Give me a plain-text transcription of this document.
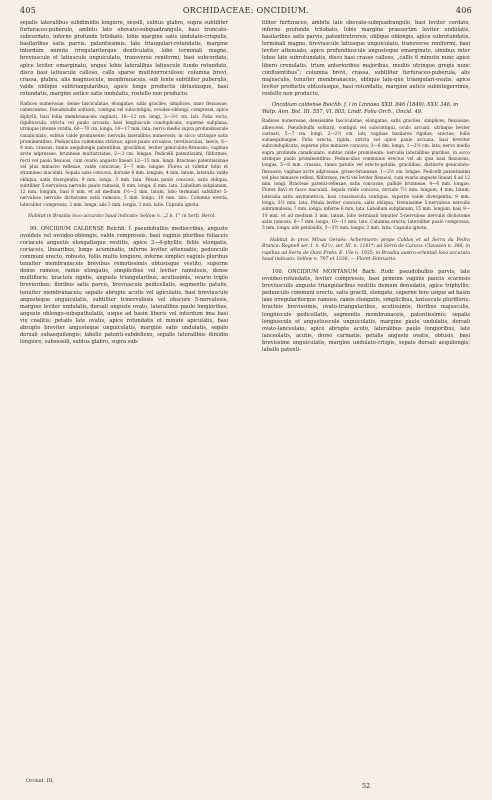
405	ORCHIDACEAE: ONCIDIUM.	406

sepalis lateralibus subdimidio longiore, sessili, subtus glabro, supra subtiliter furfuraceo-puberulo, ambitu late obovato-subquadrangulo, basi truncato-subcordato, inferne profunde trilobato, lobis margine satis undulato-crispulis, basilaribus satis parvis, patentissimis, late triangulari-rotundatis, margine interdum minute irregulariterque denticulatis, lobo terminali magno, breviuscule et latiuscule unguiculato, transverse reniformi, basi subcordato, apice leviter emarginato, ungue lobis lateralibus latiuscule fundo rotundato, disco basi latiuscule calloso, callo sparse multiverruculoso; columna brevi, crassa, glabra, alis magnuscule, membranaceis, sub lente subtiliter puberulis, valde oblique subtriangularibus, apice longe productis obtusiusque, basi rotundatis, margine antice satis undulatis, rostello non producto.

Radices numerosae, dense fasciculatae, elongatae, satis graciles, simplices, nunc flexuosae, canescentes. Pseudobulbi solitarii, contigui vel subcontigui, ovoideo-oblongi, compressi, apice diphylli, basi foliis membranaceis vaginati, 10—12 cm. longi, 3—3½ cm. lati. Folia recta, rigidiuscula, stricta vel paulo arcuata, basi longiuscule conduplicata, superne subplana, utrinque intense viridia, 60—70 cm. longa, 14—17 mm. lata; nervo medio supra profundiuscule canaliculato, subtus valde prominente; nervulis lateralibus numerosis, in sicco utrinque satis prominentibus. Pedunculus communis strictus, apice paulo arcuatus, teretiusculus, laevis, 8—9 mm. crassus, ramis aequilongis patentibus, gracilibus, leviter geniculato-flexuosis; vaginae arcte adpressae, brunneae multistriatae, 2—3 cm. longae. Pedicelli patentissimi, filiformes, recti vel paulo flexuosi, cum ovario angusto lineari 12—15 mm. longi. Bracteae patentissimae vel plus minusve reflexae, valde concavae, 5—7 mm. longae. Flores ut videtur lutei et stramineo maculati. Sepala satis concava, dorsale 8 mm. longum, 4 mm. latum, lateralia valde obliqua, satis divergentia, 9 mm. longa, 3 mm. lata. Petala paulo concava, satis obliqua, subtiliter 5-nervulosa nervulis paulo ramosis, 8 mm. longa, 6 mm. lata. Labellum subplanum, 12 mm. longum, basi 8 mm. et ad medium 1½—2 mm. latum, lobo terminali subtiliter 5-nervuloso nervulis dichotome satis ramosis, 5 mm. longo, 10 mm. lato. Columna erecta, lateraliter compressa, 2 mm. longa, alis 3 mm. longis, 2 mm. latis. Capsula ignota.

Habitat in Brasilia loco accurato haud indicato: Sellow n. „2 b. 1“ in herb. Berol.

99. ONCIDIUM CALDENSE Reichb. f. pseudobulbis mediocribus, anguste ovoideis vel ovoideo-oblongis, valde compressis, basi vaginis pluribus foliaceis coriaceis angustis elongatisque vestitis, apice 3—4-phyllis; foliis elongatis, coriaceis, linearibus, longe acuminatis, inferne leviter attenuatis; pedunculo communi erecto, robusto, foliis multo longiore, inferne simplici vaginis pluribus tenuiter membranaceis brevibus remotissimis obtusisque vestito, superne dense ramoso, ramis elongatis, simplicibus vel leviter ramulosis, dense multifloris; bracteis rigidis, anguste triangularibus, acutissimis, ovario triplo brevioribus; floribus satis parvis, breviuscule pedicellatis, segmentis patulis, tenuiter membranaceis; sepalis abrupte acutis vel apiculatis, basi breviuscule angusteque unguiculatis, subtiliter trinervulosis vel obscure 5-nervulosis, margine leviter undulatis, dorsali anguste ovato, lateralibus paulo longioribus, anguste oblongo-subspathulatis, usque ad basin liberis vel interdum ima basi vix coalitis; petalis late ovatis, apice rotundatis et minute apiculatis, basi abrupte breviter angusteque unguiculatis, margine satis undulatis, sepalo dorsali subaequilongis; labello patenti-subdeflexo, sepalis lateralibus dimidio longiore, subsessili, subtus glabro, supra sub-

tiliter furfuraceo, ambitu late obovato-subquadrangulo, basi leviter cordato, inferne profunde trilobato, lobis margine praesertim leviter undulatis, basilaribus satis parvis, patentiretrorsis, oblique oblongis, apice subrotundatis, terminali magno, breviuscule latiusque unguiculato, transverse reniformi, basi leviter attenuato, apice profundiuscule angusteque emarginato, sinubus inter lobos late subrotundatis, disco basi crasse calloso, „callis 6 minutis nunc apice libero crenulatis, trium anterioribus majoribus, mediis utrinque gregis nunc confluentibus“; columna brevi, crassa, subtiliter furfuraceo-puberula, alis majusculis, tenuiter membranaceis, oblique late-que triangulari-ovatis, apice leviter productis obtusiusque, basi rotundatis, margine antice subintegerrimis, rostello non producto.

Oncidium caldense Reichb. f. l in Linnaea XXII. 846 (1849). XXV. 346, in Walp. Ann. Bot. III. 557, VI. 803; Lindl. Folia Orch., Oncid. 49.

Radices numerosae, densissime fasciculatae, elongatae, satis graciles, simplices, flexuosae, albescens. Pseudobulbi solitarii, contigui vel subcontigui, oculo arcuati, utrinque leviter carinati, 5—7 cm. longi, 2—2½ cm. lati; vaginae basilares rigidae, erectae, foliis subaequilongae. Folia erecta, rigida, stricta vel apice paulo arcuata, basi breviter subconduplicata, superne plus minusve concava, 3—6 dm. longa, 1—2½ cm. lata; nervo medio supra profunde canaliculato, subtus valde prominente; nervulis lateralibus pluribus, in sicco utrinque paulo prominentibus. Pedunculus communis erectus vel ab ipsa basi flexuosus, longus, 5—8 mm. crassus, ramis patulis vel erecto-patulis, gracilibus, distincte geniculato-flexuosis; vaginae arcte adpressae, griseo-brunneae, 1—2½ cm. longae. Pedicelli patentissimi vel plus minusve reflexi, filiformes, recti vel leviter flexuosi, cum ovario anguste lineari 8 ad 12 mm. longi. Bracteae patenti-reflexae, satis concavae, pallide brunneae, 4—6 mm. longae. Flores flavi et fusco maculati. Sepala valde concava, dorsale 7½ mm. longum, 4 mm. latum, lateralia satis asymmetrica, basi crassiuscula contigua, superne valde divergentia, 9 mm. longa, 3½ mm. lata. Petala leviter concava, satis obliqua, trenuissime 5-nervulosa nervulis subramulosis, 7 mm. longa, inferne 6 mm. lata. Labellum subplanum, 15 mm. longum, basi 9—10 mm. et ad medium 3 mm. latum, lobo terminali tenuiter 5-nervuloso nervulis dichotome satis ramosis, 6—7 mm. longo, 10—11 mm. lato. Columna erecta, lateraliter paulo compressa, 3 mm. longa, alis petaloidis, 3—3½ mm. longis, 2 mm. latis. Capsula ignota.

Habitat in prov. Minas Geraës: Achermann; prope Caldas et ad Serra da Pedra Branca: Regnell ser. I. n. 42¹/₂, ser. III. n. 1161*; ad Serra de Caraca: Claussen n. 386; in rupibus ad Serra de Ouro Preto: E. Ule n. 1935; in Brasilia austro-orientali loco accurato haud indicato: Sellow n. 707 et 1336. — Floret Februario.

100. ONCIDIUM MONTANUM Barb. Rodr. pseudobulbis parvis, late ovoideo-rotundatis, leviter compressis, basi primum vaginis paucis scariosis breviusculis anguste triangularibus vestitis demum denudatis, apice triphyllis; pedunculo communi erecto, satis gracili, elongato, superne fere usque ad basin laxe irregulariterque ramoso, ramis elongatis, simplicibus, laxiuscule plurifloris; bracteis brevissimis, ovato-triangularibus, acutissimis; floribus majusculis, longiuscule pedicellatis, segmentis membranaceis, patentissimis; sepalis longiuscule et angustiuscule unguiculatis, margine paulo undulatis, dorsali ovato-lanceolato, apice abrupte acuto, lateralibus paulo longioribus, late lanceolatis, acutis, dorso carinatis; petalis anguste ovatis, obtusis, basi brevissime unguiculatis, margine undulato-crispis, sepalo dorsali aequilongis; labello patenti-

Orchid. III.
52
